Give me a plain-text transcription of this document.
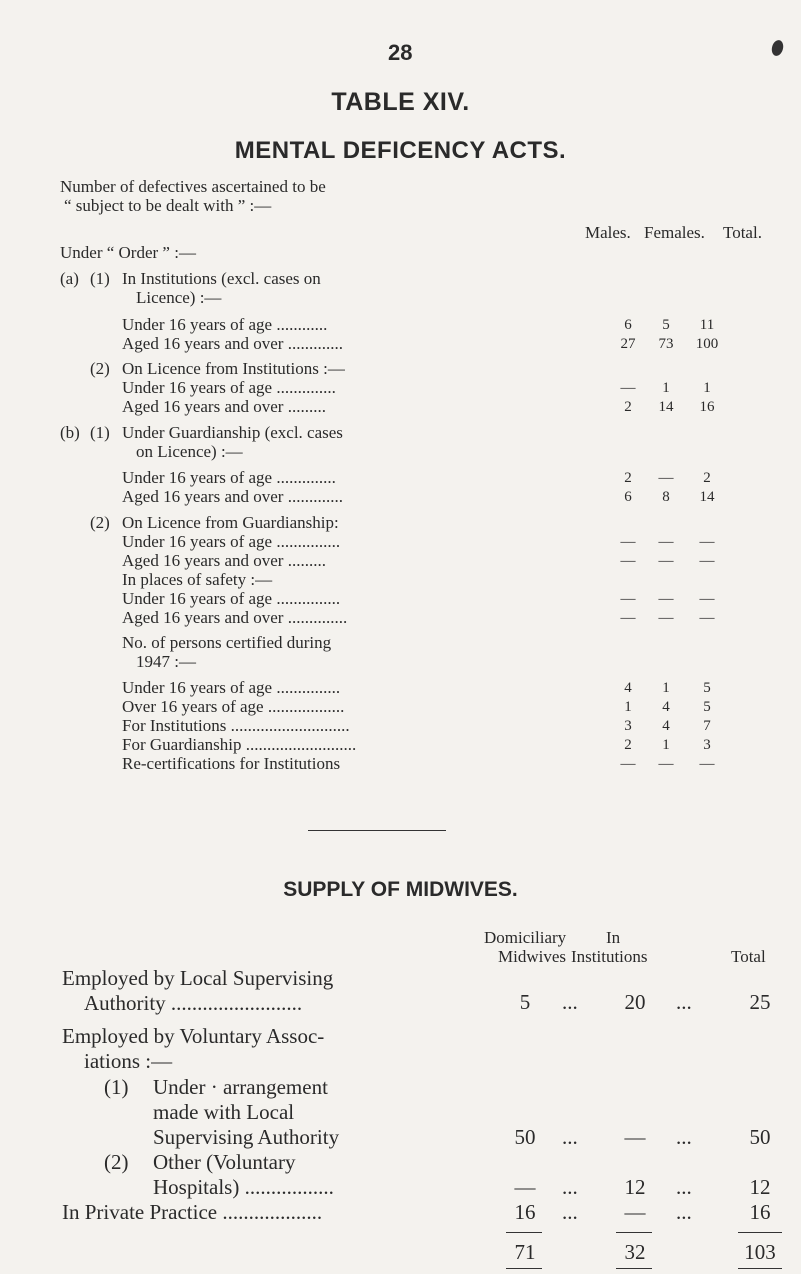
28
TABLE XIV.
MENTAL DEFICENCY ACTS.
Number of defectives ascertained to be
“ subject to be dealt with ” :—
Males. Females. Total.
Under “ Order ” :—
(a) (1) In Institutions (excl. cases on
Licence) :—
Under 16 years of age ............	6	5	11
Aged 16 years and over .............	27	73	100
(2) On Licence from Institutions :—
Under 16 years of age ..............	—	1	1
Aged 16 years and over .........	2	14	16
(b) (1) Under Guardianship (excl. cases
on Licence) :—
Under 16 years of age ..............	2	—	2
Aged 16 years and over .............	6	8	14
(2) On Licence from Guardianship:
Under 16 years of age ...............	—	—	—
Aged 16 years and over .........	—	—	—
In places of safety :—
Under 16 years of age ...............	—	—	—
Aged 16 years and over ..............	—	—	—
No. of persons certified during
1947 :—
Under 16 years of age ...............	4	1	5
Over 16 years of age ..................	1	4	5
For Institutions ............................	3	4	7
For Guardianship ..........................	2	1	3
Re-certifications for Institutions	—	—	—
SUPPLY OF MIDWIVES.
Domiciliary
Midwives
In
Institutions	Total
Employed by Local Supervising
Authority .........................	5	...	20	...	25
Employed by Voluntary Assoc-
iations :—
(1) Under · arrangement
made with Local
Supervising Authority	50	...	—	...	50
(2) Other (Voluntary
Hospitals) .................	—	...	12	...	12
In Private Practice ...................	16	...	—	...	16
71	32	103
